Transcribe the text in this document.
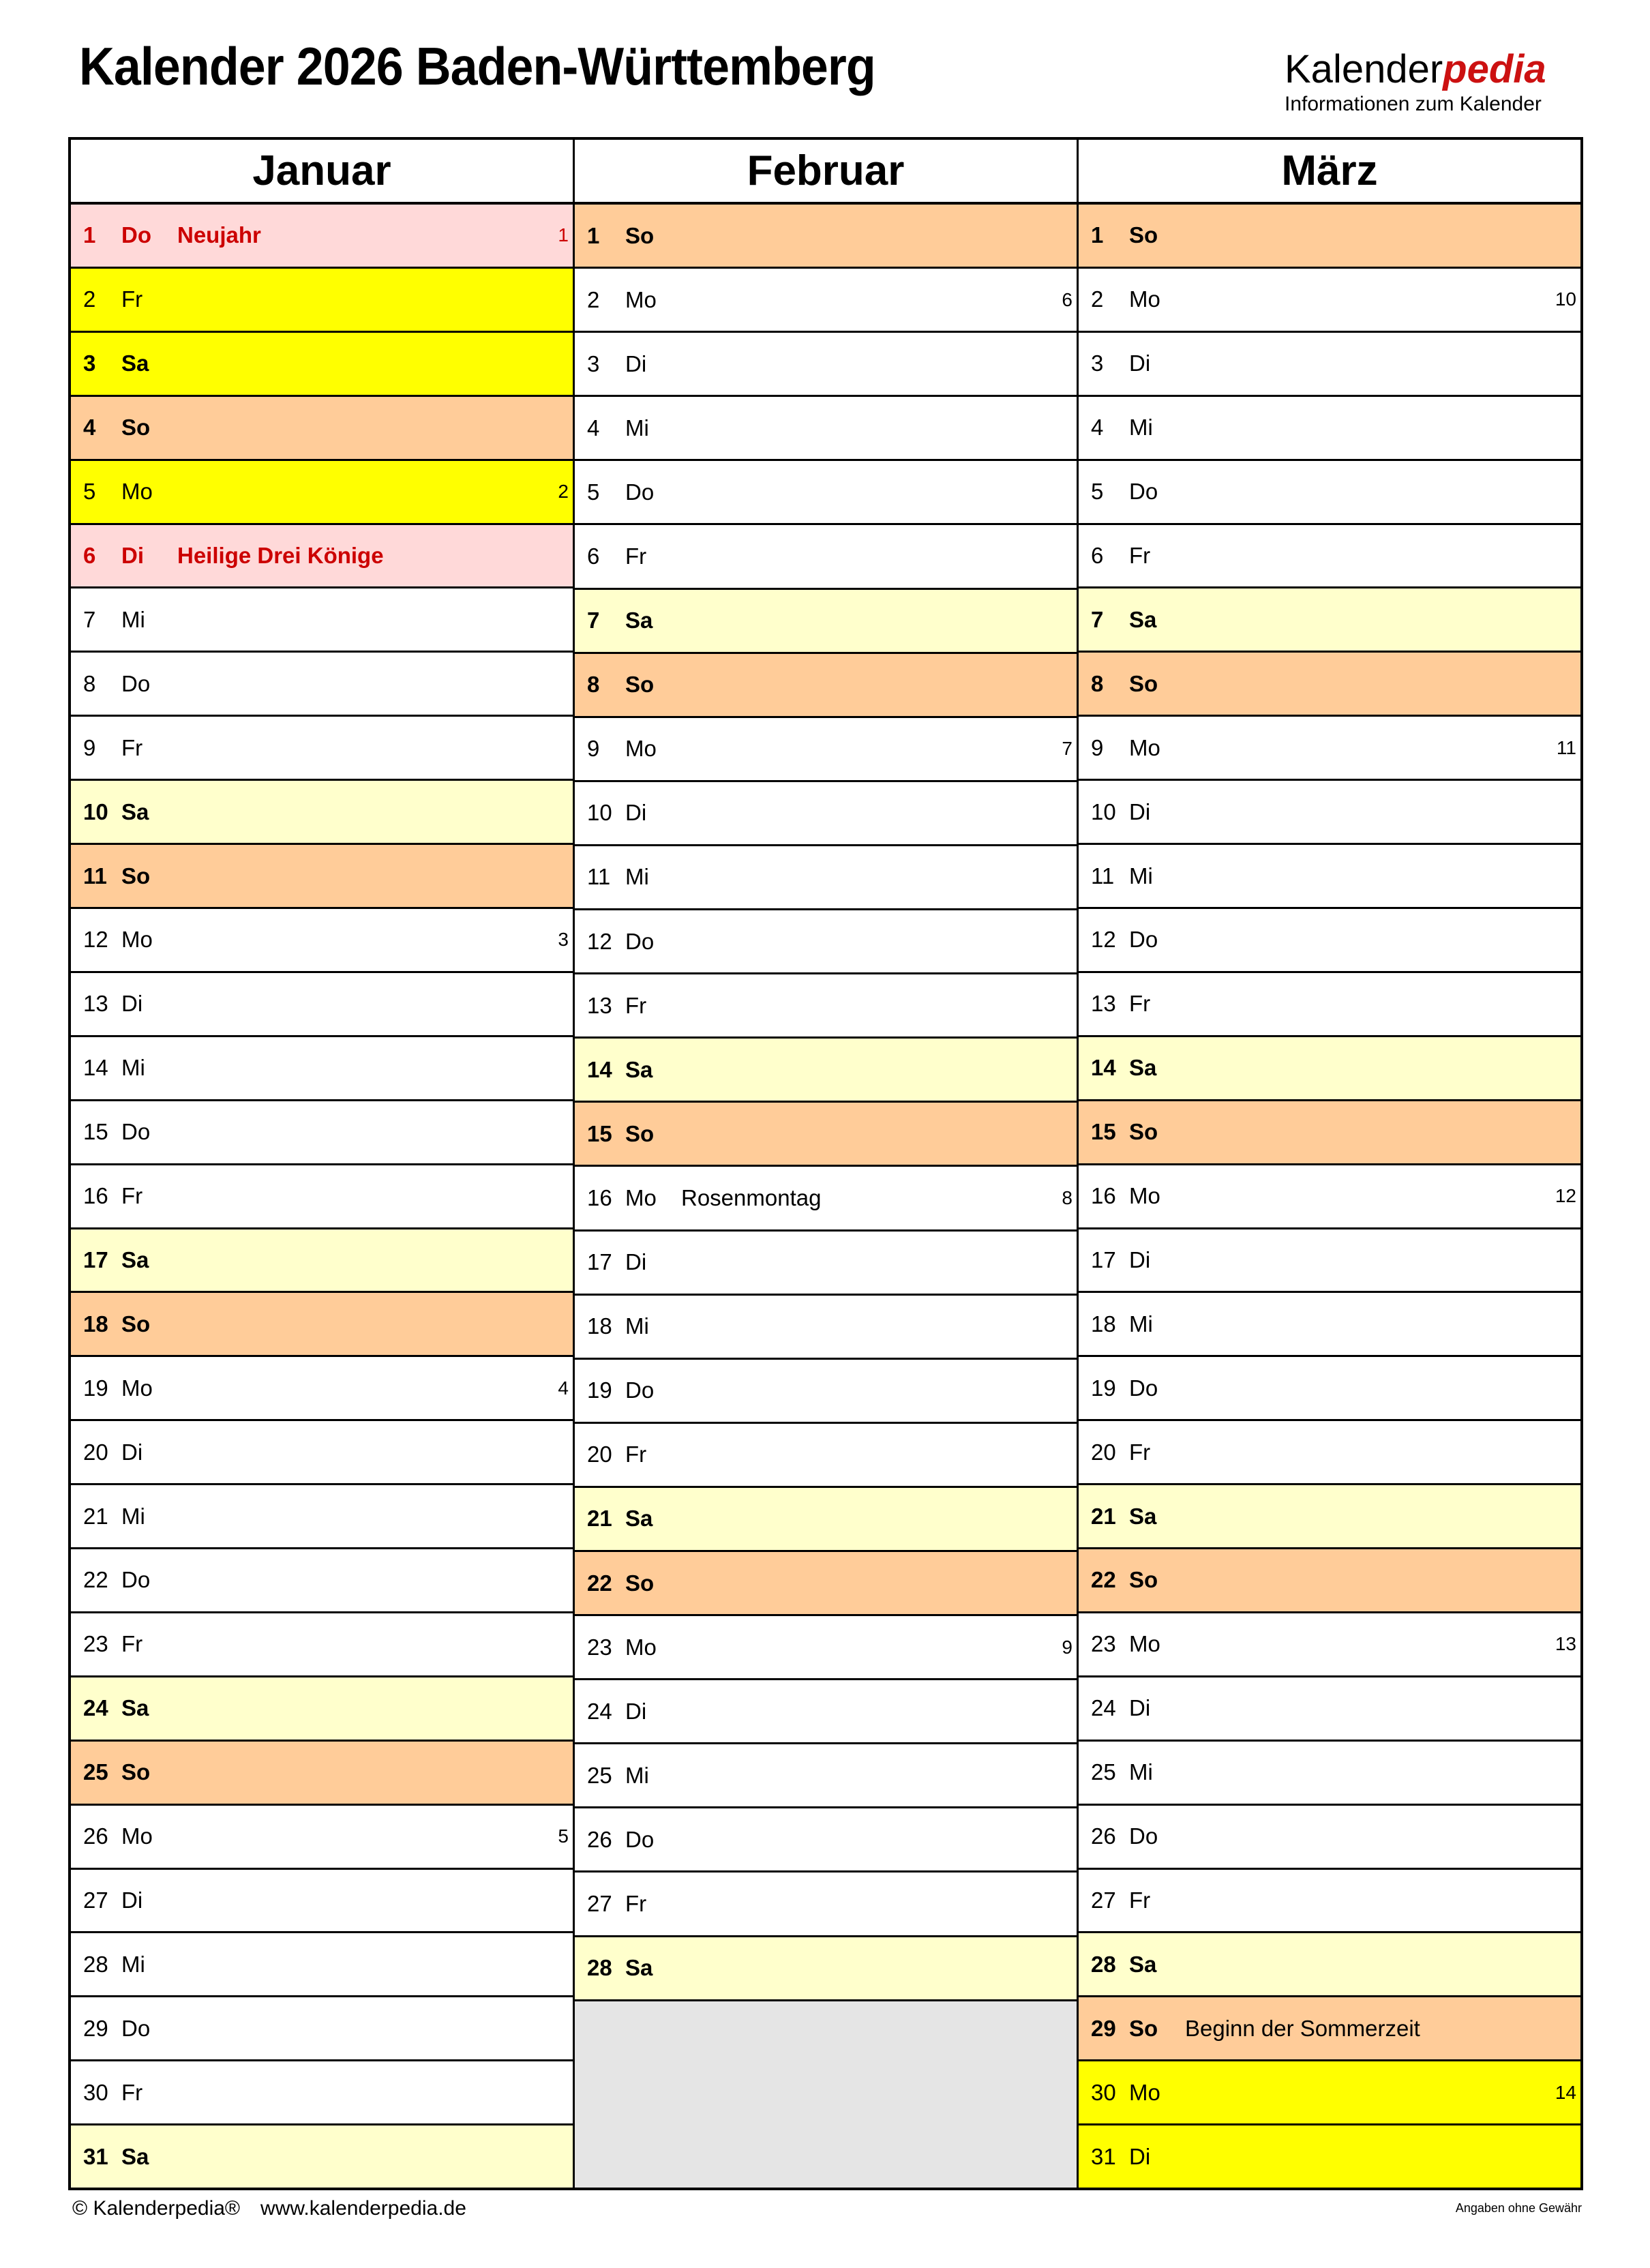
Kalender 2026 Baden-Württemberg	Kalenderpedia
Informationen zum Kalender
Januar
1	Do	Neujahr	1
2	Fr
3	Sa
4	So
5	Mo	2
6	Di	Heilige Drei Könige
7	Mi
8	Do
9	Fr
10 Sa
11 So
12 Mo	3
13 Di
14 Mi
15 Do
16 Fr
17 Sa
18 So
19 Mo	4
20 Di
21 Mi
22 Do
23 Fr
24 Sa
25 So
26 Mo	5
27 Di
28 Mi
29 Do
30 Fr
31 Sa
Februar
1	So
2	Mo	6
3	Di
4	Mi
5	Do
6	Fr
7	Sa
8	So
9	Mo	7
10 Di
11 Mi
12 Do
13 Fr
14 Sa
15 So
16 Mo	Rosenmontag	8
17 Di
18 Mi
19 Do
20 Fr
21 Sa
22 So
23 Mo	9
24 Di
25 Mi
26 Do
27 Fr
28 Sa
März
1	So
2	Mo	10
3	Di
4	Mi
5	Do
6	Fr
7	Sa
8	So
9	Mo	11
10 Di
11 Mi
12 Do
13 Fr
14 Sa
15 So
16 Mo	12
17 Di
18 Mi
19 Do
20 Fr
21 Sa
22 So
23 Mo	13
24 Di
25 Mi
26 Do
27 Fr
28 Sa
29 So	Beginn der Sommerzeit
30 Mo	14
31 Di
© Kalenderpedia® www.kalenderpedia.de	Angaben ohne Gewähr
